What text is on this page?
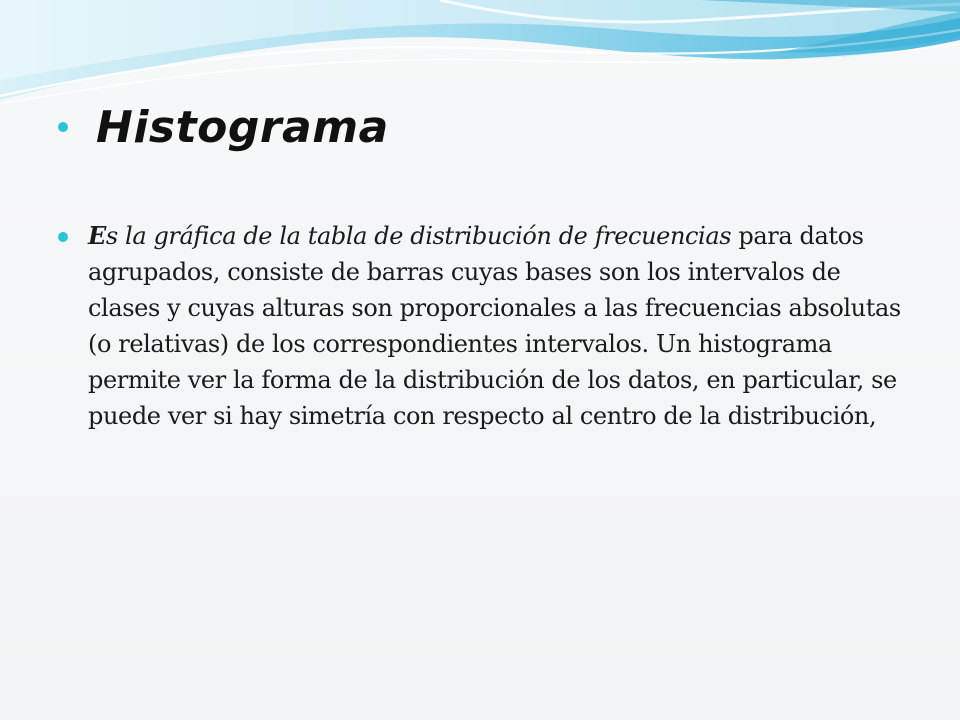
Histograma

Es la gráfica de la tabla de distribución de frecuencias para datos agrupados, consiste de barras cuyas bases son los intervalos de clases y cuyas alturas son proporcionales a las frecuencias absolutas (o relativas) de los correspondientes intervalos. Un histograma permite ver la forma de la distribución de los datos, en particular, se puede ver si hay simetría con respecto al centro de la distribución,
